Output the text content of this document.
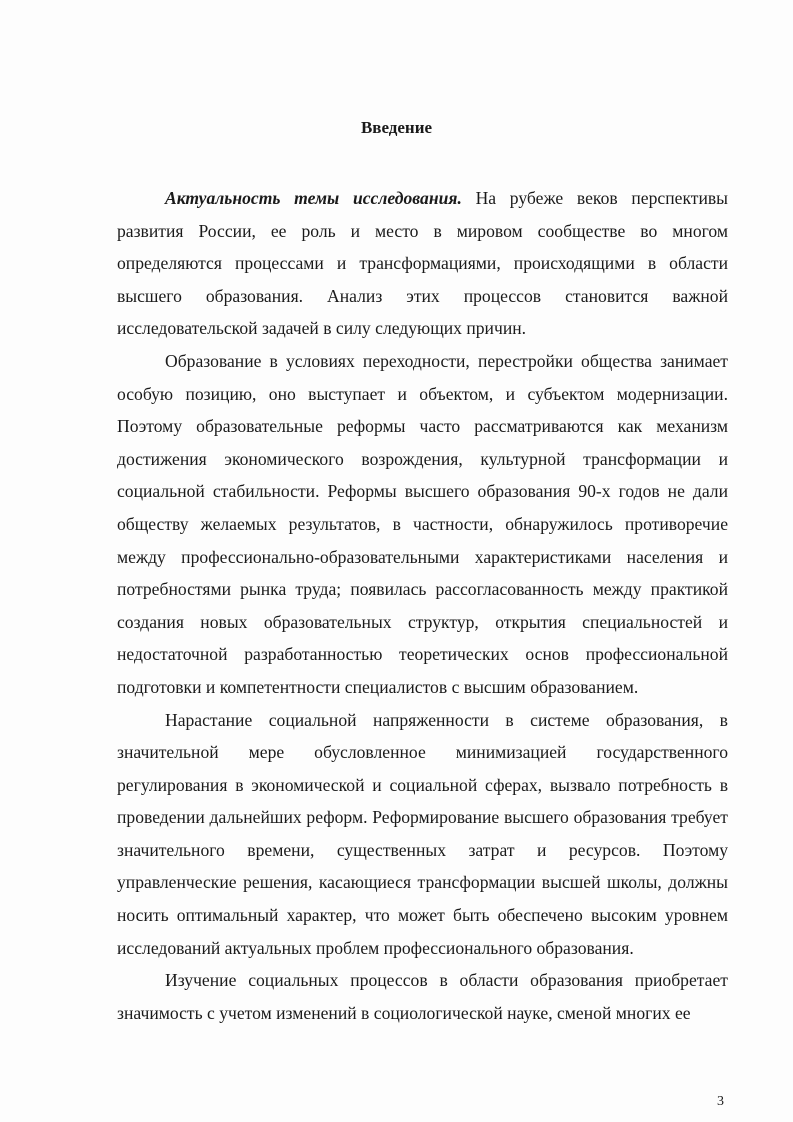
Введение

Актуальность темы исследования. На рубеже веков перспективы развития России, ее роль и место в мировом сообществе во многом определяются процессами и трансформациями, происходящими в области высшего образования. Анализ этих процессов становится важной исследовательской задачей в силу следующих причин.

Образование в условиях переходности, перестройки общества занимает особую позицию, оно выступает и объектом, и субъектом модернизации. Поэтому образовательные реформы часто рассматриваются как механизм достижения экономического возрождения, культурной трансформации и социальной стабильности. Реформы высшего образования 90-х годов не дали обществу желаемых результатов, в частности, обнаружилось противоречие между профессионально-образовательными характеристиками населения и потребностями рынка труда; появилась рассогласованность между практикой создания новых образовательных структур, открытия специальностей и недостаточной разработанностью теоретических основ профессиональной подготовки и компетентности специалистов с высшим образованием.

Нарастание социальной напряженности в системе образования, в значительной мере обусловленное минимизацией государственного регулирования в экономической и социальной сферах, вызвало потребность в проведении дальнейших реформ. Реформирование высшего образования требует значительного времени, существенных затрат и ресурсов. Поэтому управленческие решения, касающиеся трансформации высшей школы, должны носить оптимальный характер, что может быть обеспечено высоким уровнем исследований актуальных проблем профессионального образования.

Изучение социальных процессов в области образования приобретает значимость с учетом изменений в социологической науке, сменой многих ее

3
